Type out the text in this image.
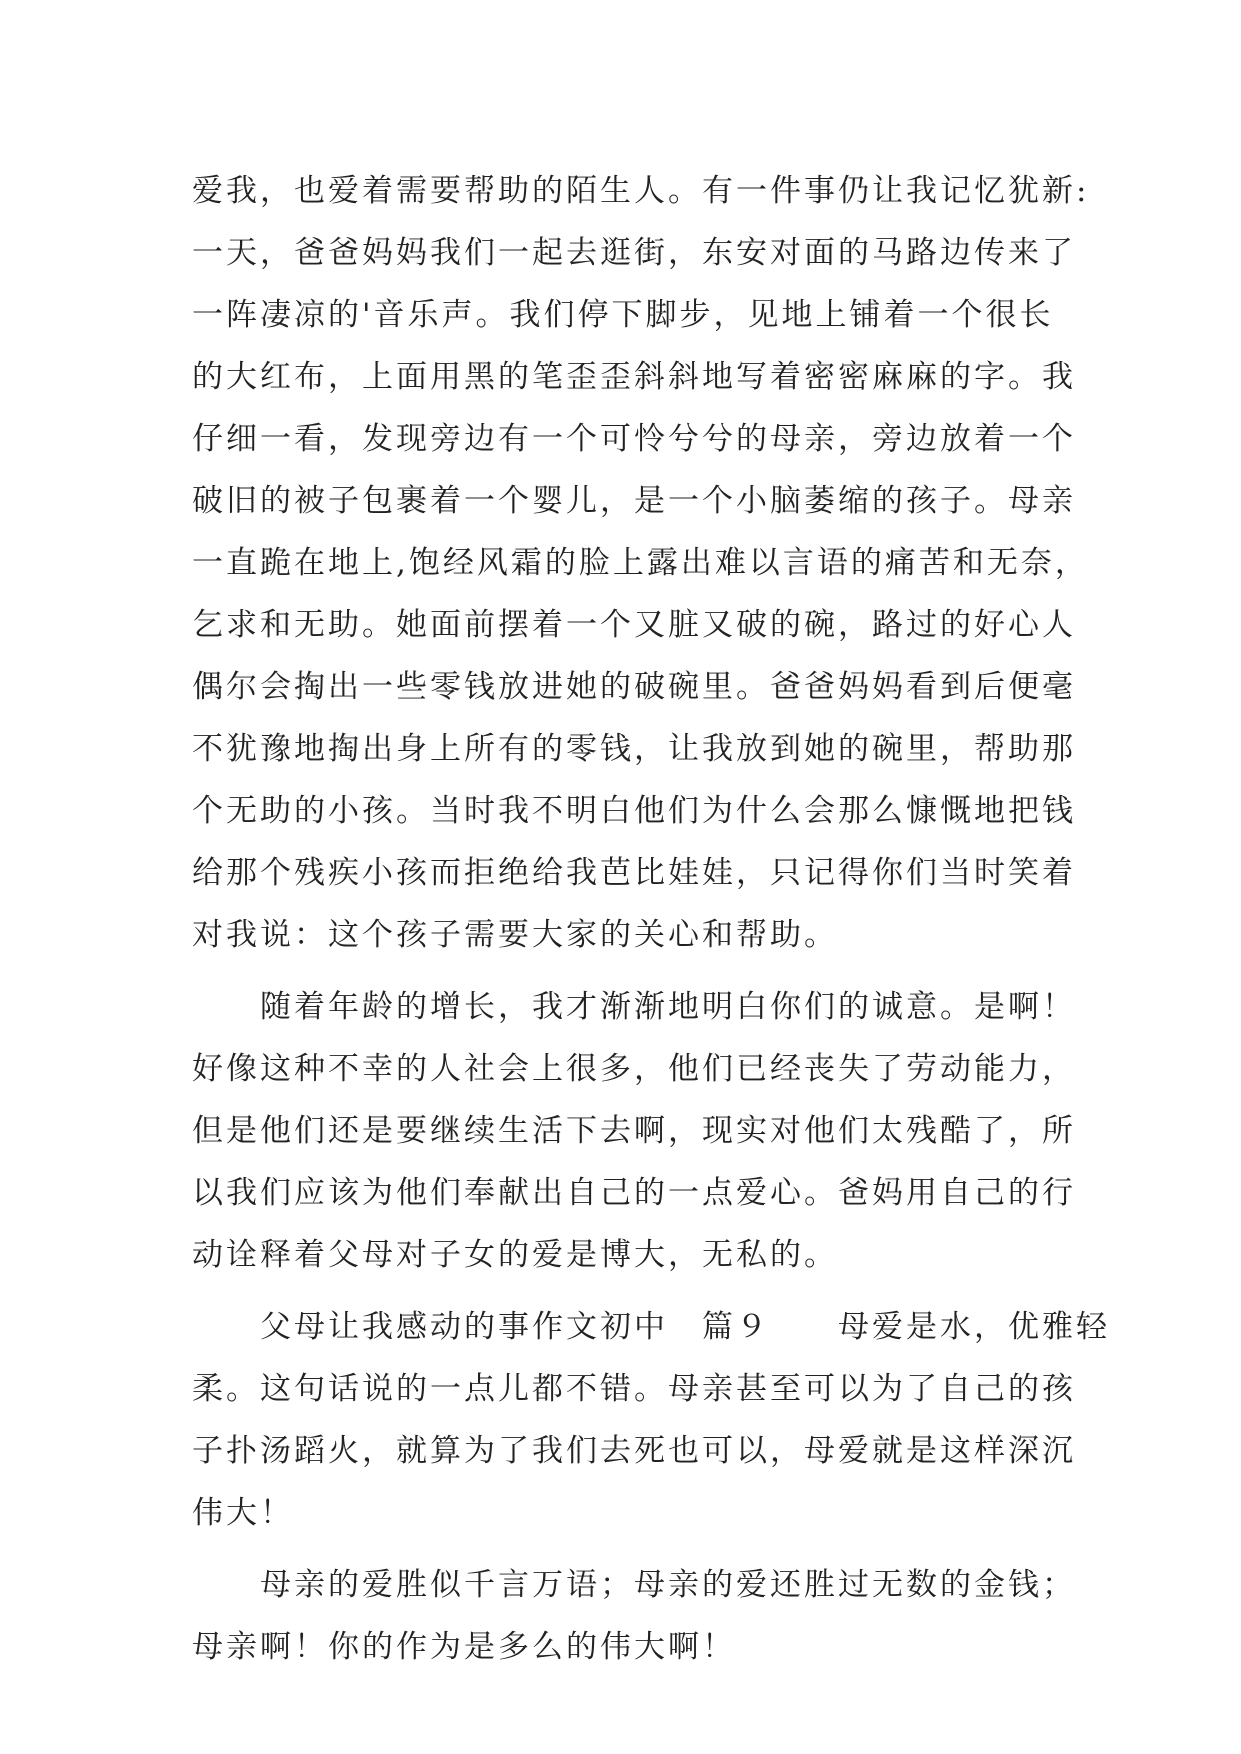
爱我，也爱着需要帮助的陌生人。有一件事仍让我记忆犹新:
一天，爸爸妈妈我们一起去逛街，东安对面的马路边传来了
一阵凄凉的'音乐声。我们停下脚步，见地上铺着一个很长
的大红布，上面用黑的笔歪歪斜斜地写着密密麻麻的字。我
仔细一看，发现旁边有一个可怜兮兮的母亲，旁边放着一个
破旧的被子包裹着一个婴儿，是一个小脑萎缩的孩子。母亲
一直跪在地上,饱经风霜的脸上露出难以言语的痛苦和无奈，
乞求和无助。她面前摆着一个又脏又破的碗，路过的好心人
偶尔会掏出一些零钱放进她的破碗里。爸爸妈妈看到后便毫
不犹豫地掏出身上所有的零钱，让我放到她的碗里，帮助那
个无助的小孩。当时我不明白他们为什么会那么慷慨地把钱
给那个残疾小孩而拒绝给我芭比娃娃，只记得你们当时笑着
对我说：这个孩子需要大家的关心和帮助。
　　随着年龄的增长，我才渐渐地明白你们的诚意。是啊！
好像这种不幸的人社会上很多，他们已经丧失了劳动能力，
但是他们还是要继续生活下去啊，现实对他们太残酷了，所
以我们应该为他们奉献出自己的一点爱心。爸妈用自己的行
动诠释着父母对子女的爱是博大，无私的。
　　父母让我感动的事作文初中　篇９　　母爱是水，优雅轻
柔。这句话说的一点儿都不错。母亲甚至可以为了自己的孩
子扑汤蹈火，就算为了我们去死也可以，母爱就是这样深沉
伟大！
　　母亲的爱胜似千言万语；母亲的爱还胜过无数的金钱；
母亲啊！你的作为是多么的伟大啊！
